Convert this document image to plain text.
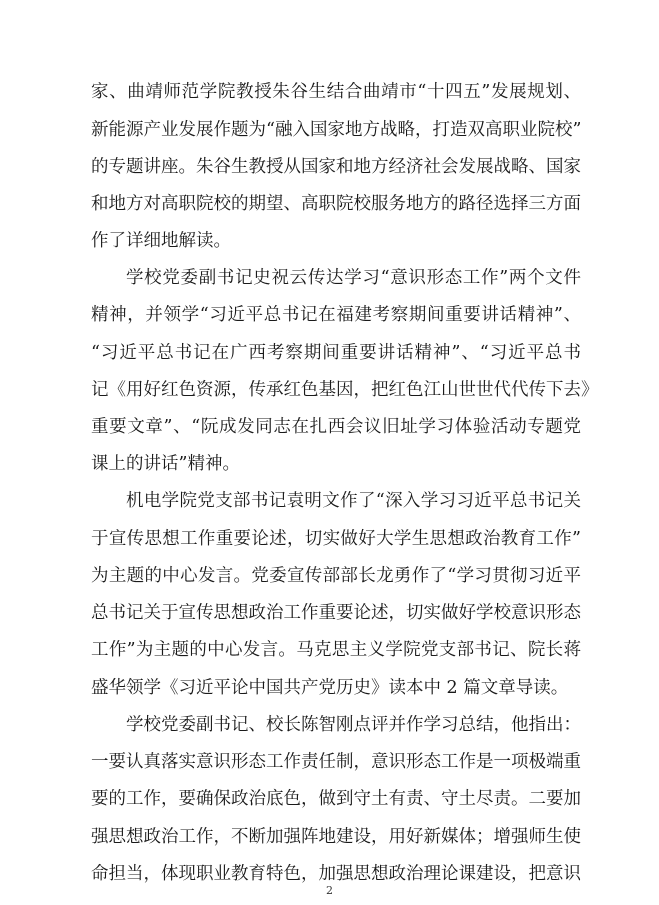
家、曲靖师范学院教授朱谷生结合曲靖市“十四五”发展规划、
新能源产业发展作题为“融入国家地方战略，打造双高职业院校”
的专题讲座。朱谷生教授从国家和地方经济社会发展战略、国家
和地方对高职院校的期望、高职院校服务地方的路径选择三方面
作了详细地解读。
学校党委副书记史祝云传达学习“意识形态工作”两个文件
精神，并领学“习近平总书记在福建考察期间重要讲话精神”、
“习近平总书记在广西考察期间重要讲话精神”、“习近平总书
记《用好红色资源，传承红色基因，把红色江山世世代代传下去》
重要文章”、“阮成发同志在扎西会议旧址学习体验活动专题党
课上的讲话”精神。
机电学院党支部书记袁明文作了“深入学习习近平总书记关
于宣传思想工作重要论述，切实做好大学生思想政治教育工作”
为主题的中心发言。党委宣传部部长龙勇作了“学习贯彻习近平
总书记关于宣传思想政治工作重要论述，切实做好学校意识形态
工作”为主题的中心发言。马克思主义学院党支部书记、院长蒋
盛华领学《习近平论中国共产党历史》读本中 2 篇文章导读。
学校党委副书记、校长陈智刚点评并作学习总结，他指出：
一要认真落实意识形态工作责任制，意识形态工作是一项极端重
要的工作，要确保政治底色，做到守土有责、守土尽责。二要加
强思想政治工作，不断加强阵地建设，用好新媒体；增强师生使
命担当，体现职业教育特色，加强思想政治理论课建设，把意识
2
